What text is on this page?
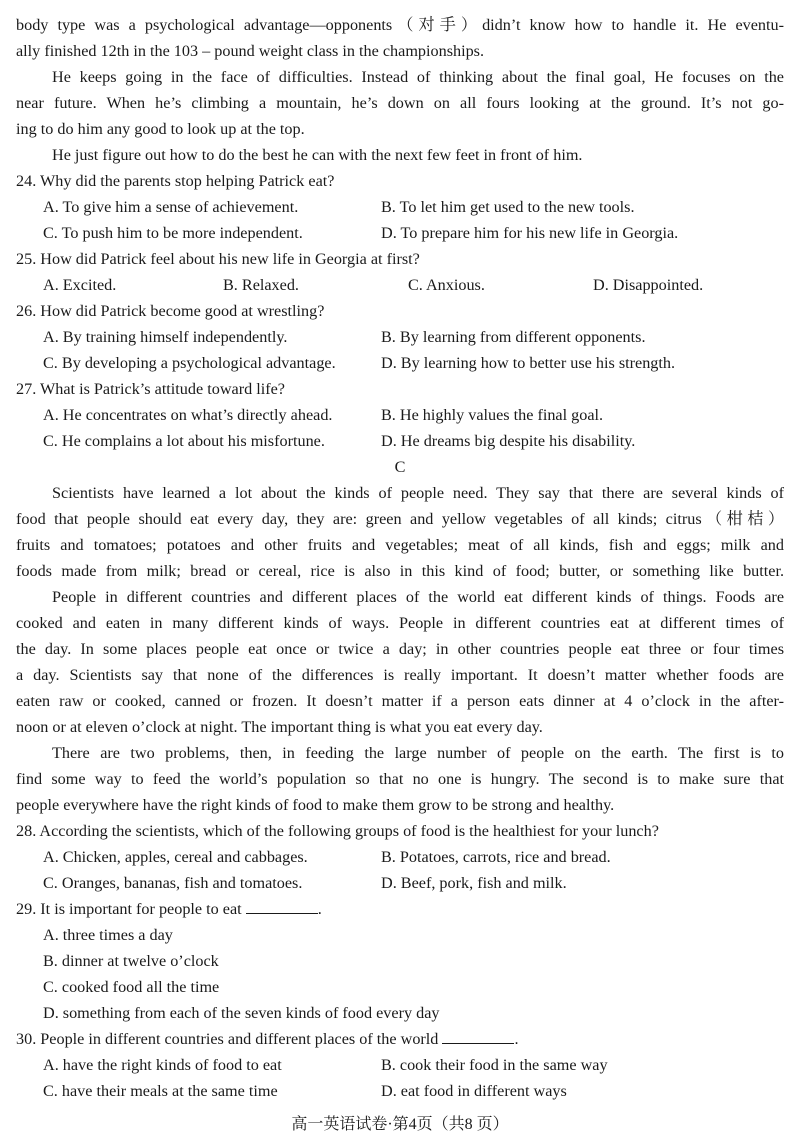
body type was a psychological advantage—opponents（对手）didn’t know how to handle it. He eventu-
ally finished 12th in the 103 – pound weight class in the championships.
He keeps going in the face of difficulties. Instead of thinking about the final goal, He focuses on the
near future. When he’s climbing a mountain, he’s down on all fours looking at the ground. It’s not go-
ing to do him any good to look up at the top.
He just figure out how to do the best he can with the next few feet in front of him.
24. Why did the parents stop helping Patrick eat?
A. To give him a sense of achievement.	B. To let him get used to the new tools.
C. To push him to be more independent.	D. To prepare him for his new life in Georgia.
25. How did Patrick feel about his new life in Georgia at first?
A. Excited.	B. Relaxed.	C. Anxious.	D. Disappointed.
26. How did Patrick become good at wrestling?
A. By training himself independently.	B. By learning from different opponents.
C. By developing a psychological advantage.	D. By learning how to better use his strength.
27. What is Patrick’s attitude toward life?
A. He concentrates on what’s directly ahead.	B. He highly values the final goal.
C. He complains a lot about his misfortune.	D. He dreams big despite his disability.
C
Scientists have learned a lot about the kinds of people need. They say that there are several kinds of
food that people should eat every day, they are: green and yellow vegetables of all kinds; citrus（柑桔）
fruits and tomatoes; potatoes and other fruits and vegetables; meat of all kinds, fish and eggs; milk and
foods made from milk; bread or cereal, rice is also in this kind of food; butter, or something like butter.
People in different countries and different places of the world eat different kinds of things. Foods are
cooked and eaten in many different kinds of ways. People in different countries eat at different times of
the day. In some places people eat once or twice a day; in other countries people eat three or four times
a day. Scientists say that none of the differences is really important. It doesn’t matter whether foods are
eaten raw or cooked, canned or frozen. It doesn’t matter if a person eats dinner at 4 o’clock in the after-
noon or at eleven o’clock at night. The important thing is what you eat every day.
There are two problems, then, in feeding the large number of people on the earth. The first is to
find some way to feed the world’s population so that no one is hungry. The second is to make sure that
people everywhere have the right kinds of food to make them grow to be strong and healthy.
28. According the scientists, which of the following groups of food is the healthiest for your lunch?
A. Chicken, apples, cereal and cabbages.	B. Potatoes, carrots, rice and bread.
C. Oranges, bananas, fish and tomatoes.	D. Beef, pork, fish and milk.
29. It is important for people to eat	.
A. three times a day
B. dinner at twelve o’clock
C. cooked food all the time
D. something from each of the seven kinds of food every day
30. People in different countries and different places of the world	.
A. have the right kinds of food to eat	B. cook their food in the same way
C. have their meals at the same time	D. eat food in different ways
高一英语试卷·第4页（共8 页）
